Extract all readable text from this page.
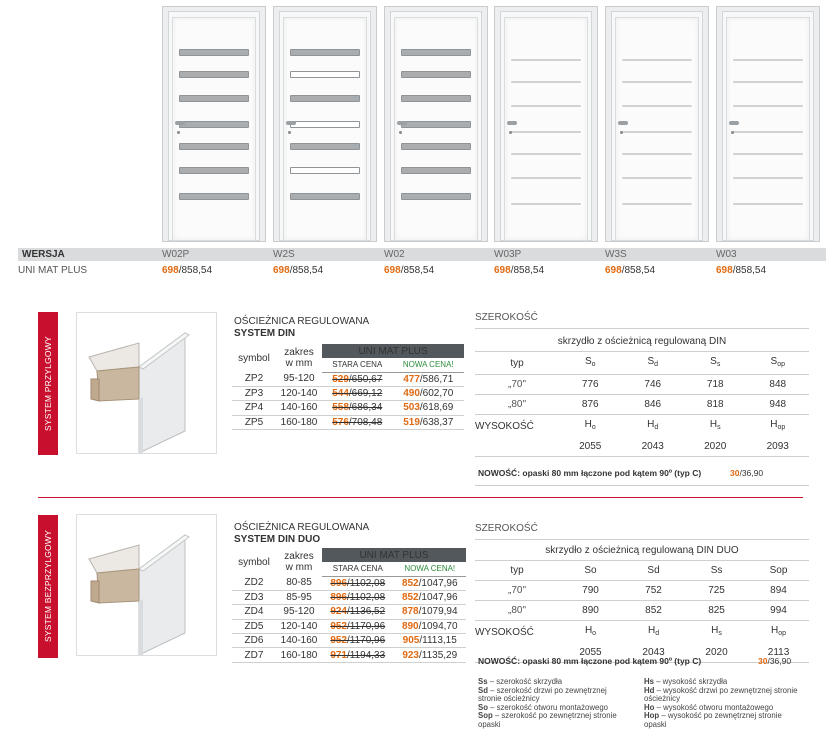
WERSJA	W02P	W2S	W02	W03P	W3S	W03
UNI MAT PLUS	698/858,54	698/858,54	698/858,54	698/858,54	698/858,54	698/858,54
SYSTEM PRZYLGOWY
OŚCIEŻNICA REGULOWANA
SYSTEM DIN
symbol	zakres
w mm	UNI MAT PLUS	
		STARA CENA	NOWA CENA!
ZP2	95-120	529/650,67	477/586,71
ZP3	120-140	544/669,12	490/602,70
ZP4	140-160	558/686,34	503/618,69
ZP5	160-180	576/708,48	519/638,37
SZEROKOŚĆ
skrzydło z ościeżnicą regulowaną DIN				
typ	$S_o$	$S_d$	$S_s$	$S_{op}$
„70"	776	746	718	848
„80"	876	846	818	948
WYSOKOŚĆ	$H_o$	$H_d$	$H_s$	$H_{op}$
	2055	2043	2020	2093
NOWOŚĆ: opaski 80 mm łączone pod kątem 90º (typ C)	30/36,90
SYSTEM BEZPRZYLGOWY
OŚCIEŻNICA REGULOWANA
SYSTEM DIN DUO
symbol	zakres
w mm	UNI MAT PLUS	
		STARA CENA	NOWA CENA!
ZD2	80-85	896/1102,08	852/1047,96
ZD3	85-95	896/1102,08	852/1047,96
ZD4	95-120	924/1136,52	878/1079,94
ZD5	120-140	952/1170,96	890/1094,70
ZD6	140-160	952/1170,96	905/1113,15
ZD7	160-180	971/1194,33	923/1135,29
SZEROKOŚĆ
skrzydło z ościeżnicą regulowaną DIN DUO				
typ	So	Sd	Ss	Sop
„70"	790	752	725	894
„80"	890	852	825	994
WYSOKOŚĆ	$H_o$	$H_d$	$H_s$	$H_{op}$
	2055	2043	2020	2113
NOWOŚĆ: opaski 80 mm łączone pod kątem 90º (typ C)	30/36,90
Ss – szerokość skrzydła
Sd – szerokość drzwi po zewnętrznej stronie ościeżnicy
So – szerokość otworu montażowego
Sop – szerokość po zewnętrznej stronie opaski
Hs – wysokość skrzydła
Hd – wysokość drzwi po zewnętrznej stronie ościeżnicy
Ho – wysokość otworu montażowego
Hop – wysokość po zewnętrznej stronie opaski
